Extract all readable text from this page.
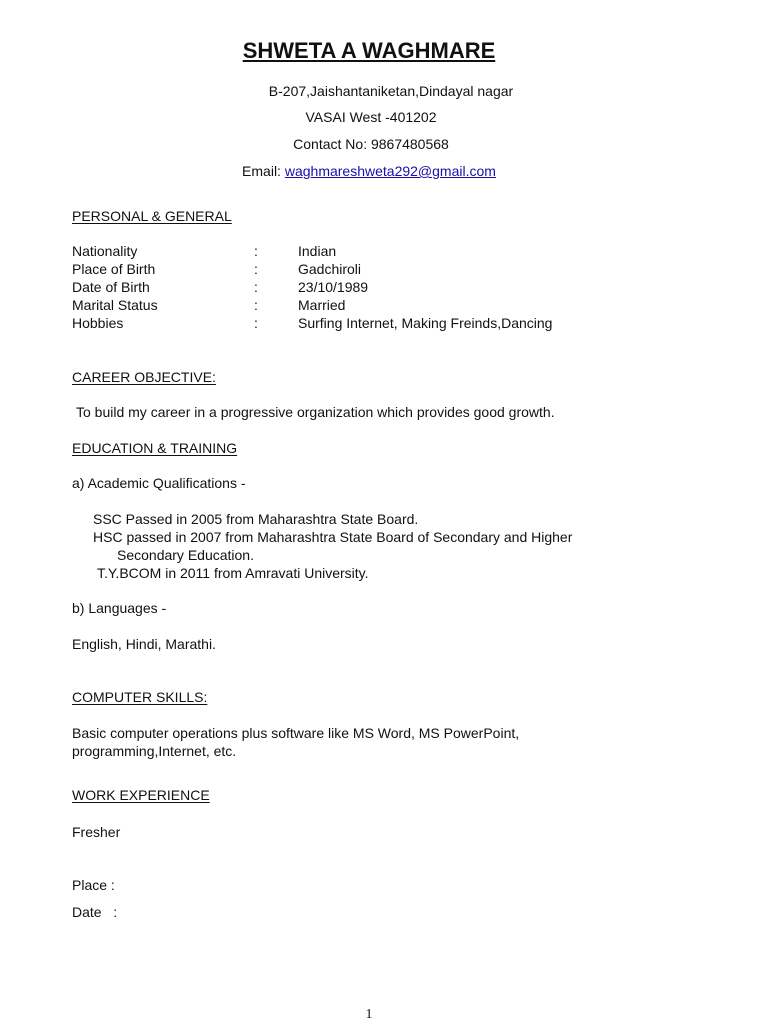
SHWETA A WAGHMARE
B-207,Jaishantaniketan,Dindayal nagar
VASAI West -401202
Contact No: 9867480568
Email: waghmareshweta292@gmail.com
PERSONAL & GENERAL
Nationality	:	Indian
Place of Birth	:	Gadchiroli
Date of Birth	:	23/10/1989
Marital Status	:	Married
Hobbies	:	Surfing Internet, Making Freinds,Dancing
CAREER OBJECTIVE:
To build my career in a progressive organization which provides good growth.
EDUCATION & TRAINING
a) Academic Qualifications -
SSC Passed in 2005 from Maharashtra State Board.
HSC passed in 2007 from Maharashtra State Board of Secondary and Higher
Secondary Education.
T.Y.BCOM in 2011 from Amravati University.
b) Languages -
English, Hindi, Marathi.
COMPUTER SKILLS:
Basic computer operations plus software like MS Word, MS PowerPoint,
programming,Internet, etc.
WORK EXPERIENCE
Fresher
Place :
Date   :
1
